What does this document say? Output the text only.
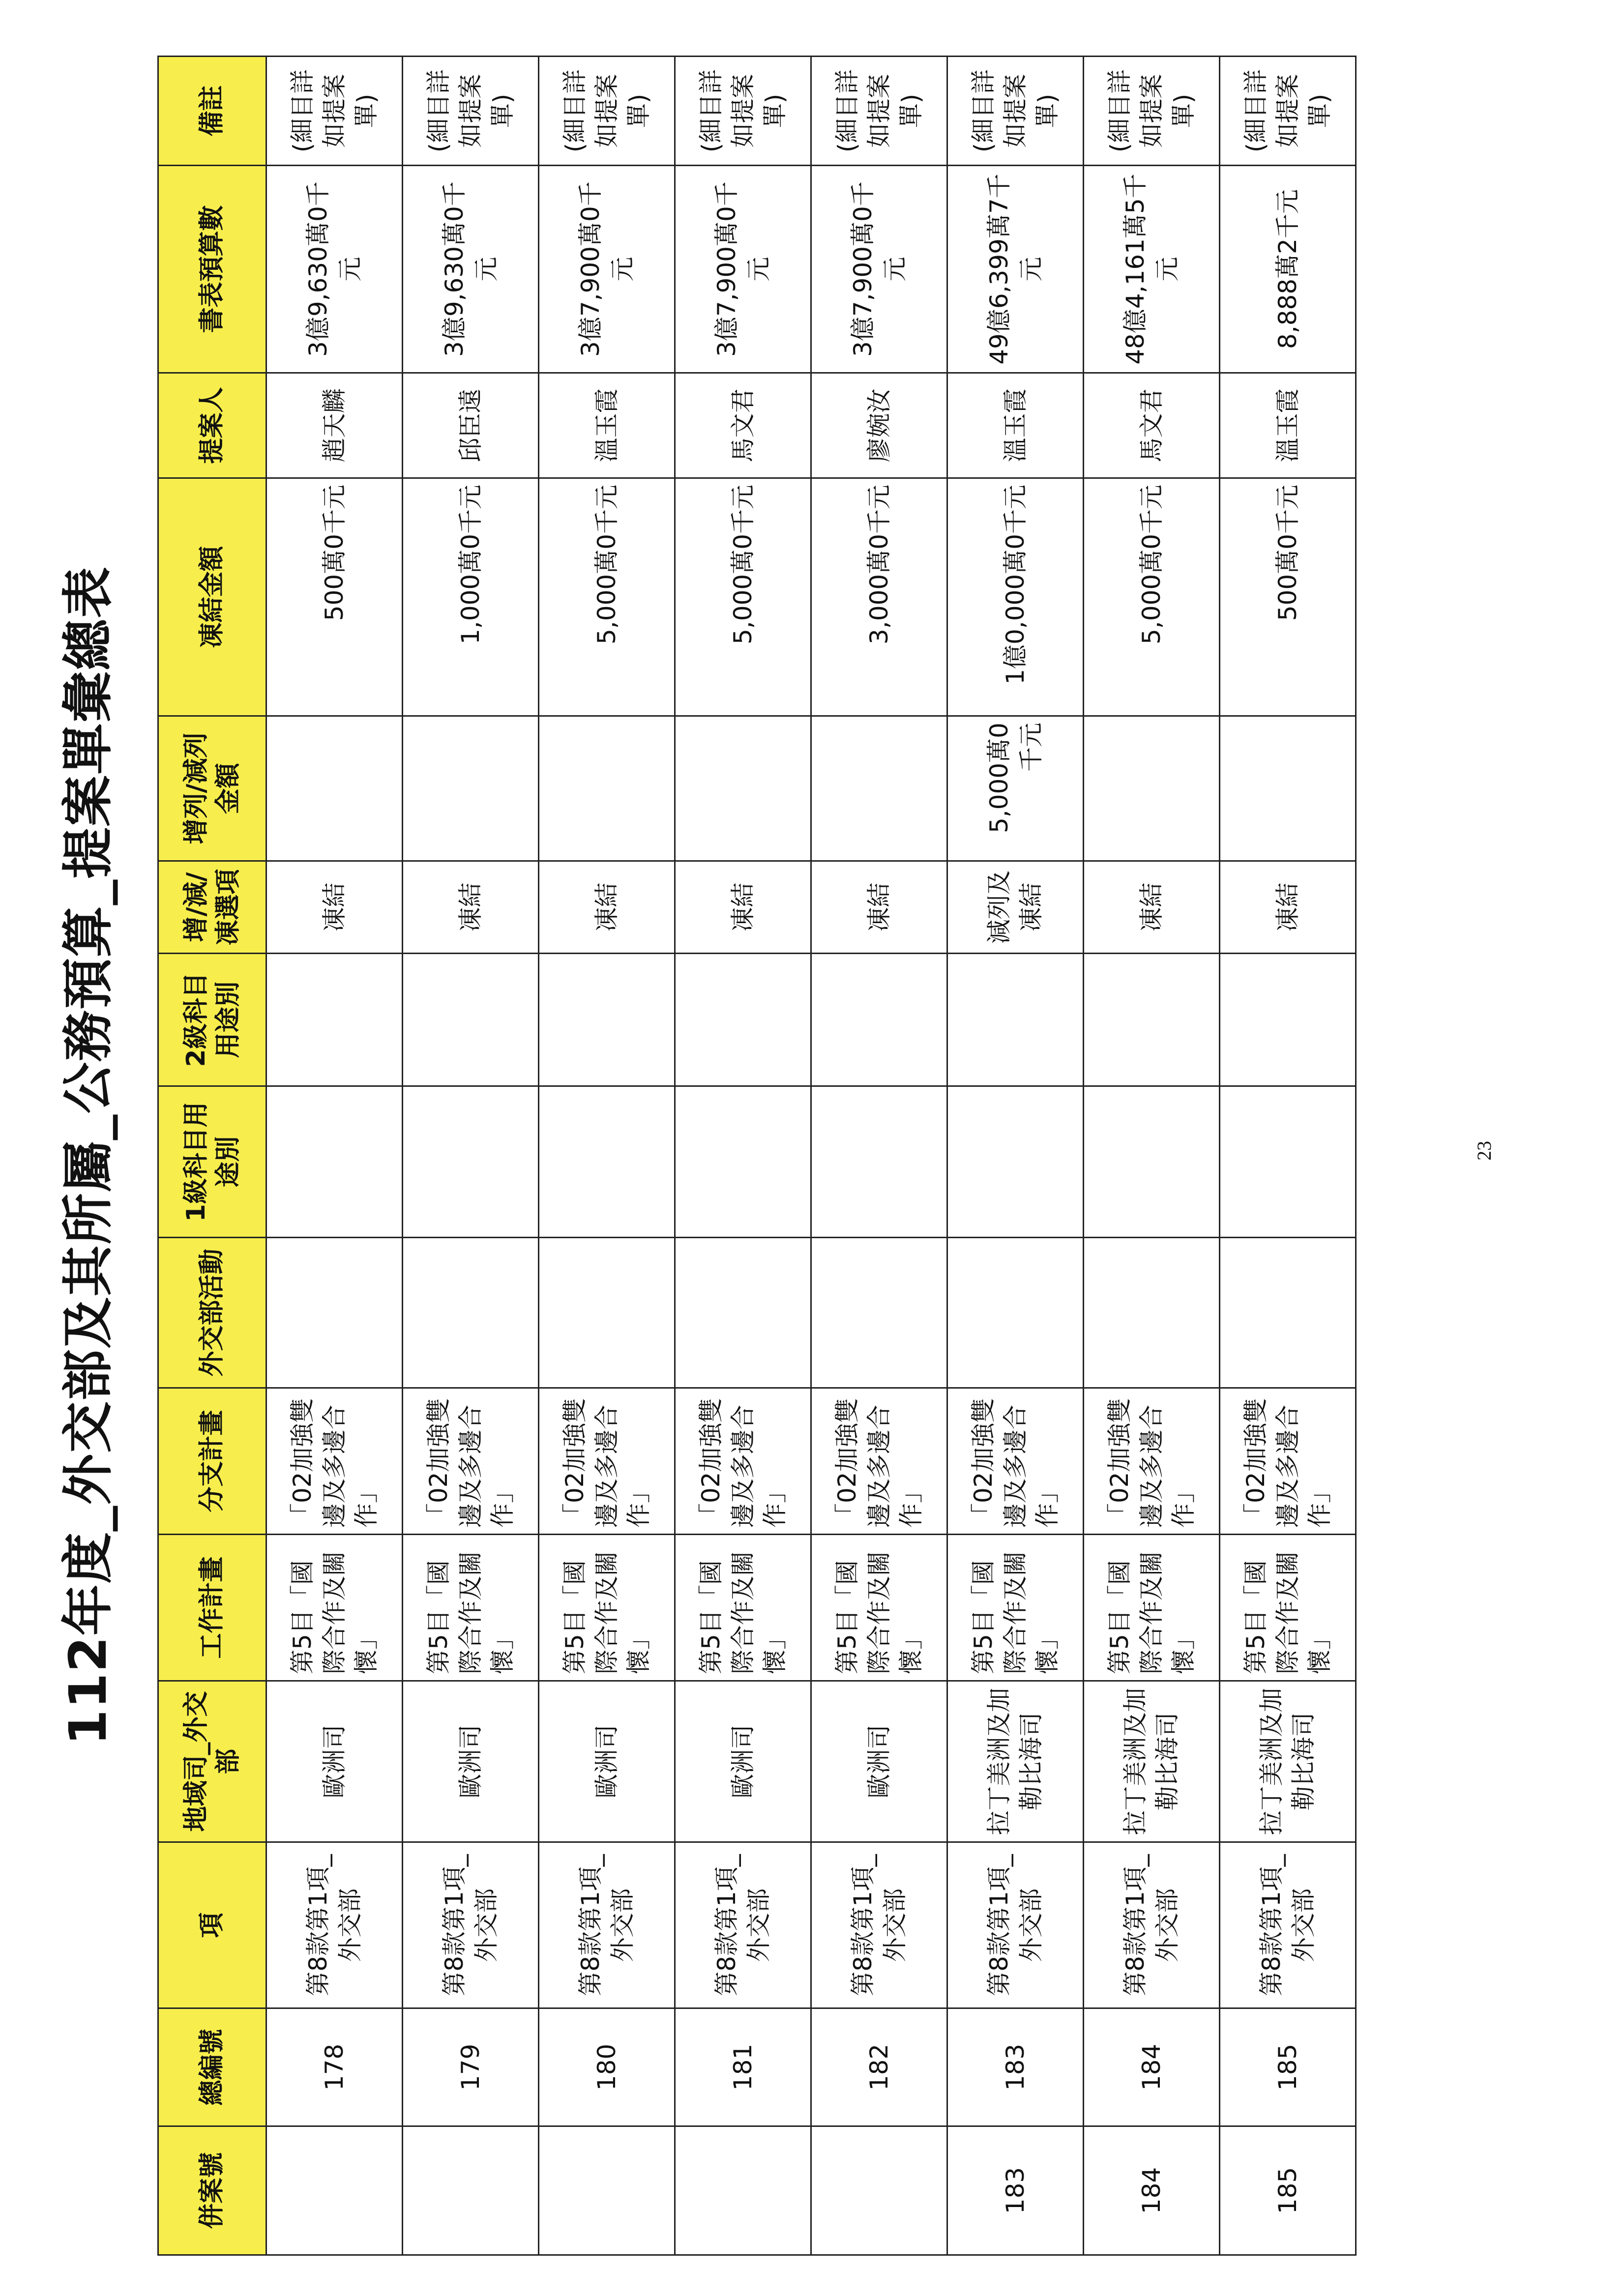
112年度_外交部及其所屬_公務預算_提案單彙總表
併案號	總編號	項	地域司_外交部	工作計畫	分支計畫	外交部活動	1級科目用途別	2級科目用途別	增/減/凍選項	增列/減列金額	凍結金額	提案人	書表預算數	備註
	178	第8款第1項_外交部	歐洲司	第5目「國際合作及關懷」	「02加強雙邊及多邊合作」				凍結		500萬0千元	趙天麟	3億9,630萬0千元	(細目詳如提案單)
	179	第8款第1項_外交部	歐洲司	第5目「國際合作及關懷」	「02加強雙邊及多邊合作」				凍結		1,000萬0千元	邱臣遠	3億9,630萬0千元	(細目詳如提案單)
	180	第8款第1項_外交部	歐洲司	第5目「國際合作及關懷」	「02加強雙邊及多邊合作」				凍結		5,000萬0千元	溫玉霞	3億7,900萬0千元	(細目詳如提案單)
	181	第8款第1項_外交部	歐洲司	第5目「國際合作及關懷」	「02加強雙邊及多邊合作」				凍結		5,000萬0千元	馬文君	3億7,900萬0千元	(細目詳如提案單)
	182	第8款第1項_外交部	歐洲司	第5目「國際合作及關懷」	「02加強雙邊及多邊合作」				凍結		3,000萬0千元	廖婉汝	3億7,900萬0千元	(細目詳如提案單)
183	183	第8款第1項_外交部	拉丁美洲及加勒比海司	第5目「國際合作及關懷」	「02加強雙邊及多邊合作」				減列及凍結	5,000萬0千元	1億0,000萬0千元	溫玉霞	49億6,399萬7千元	(細目詳如提案單)
184	184	第8款第1項_外交部	拉丁美洲及加勒比海司	第5目「國際合作及關懷」	「02加強雙邊及多邊合作」				凍結		5,000萬0千元	馬文君	48億4,161萬5千元	(細目詳如提案單)
185	185	第8款第1項_外交部	拉丁美洲及加勒比海司	第5目「國際合作及關懷」	「02加強雙邊及多邊合作」				凍結		500萬0千元	溫玉霞	8,888萬2千元	(細目詳如提案單)
23
